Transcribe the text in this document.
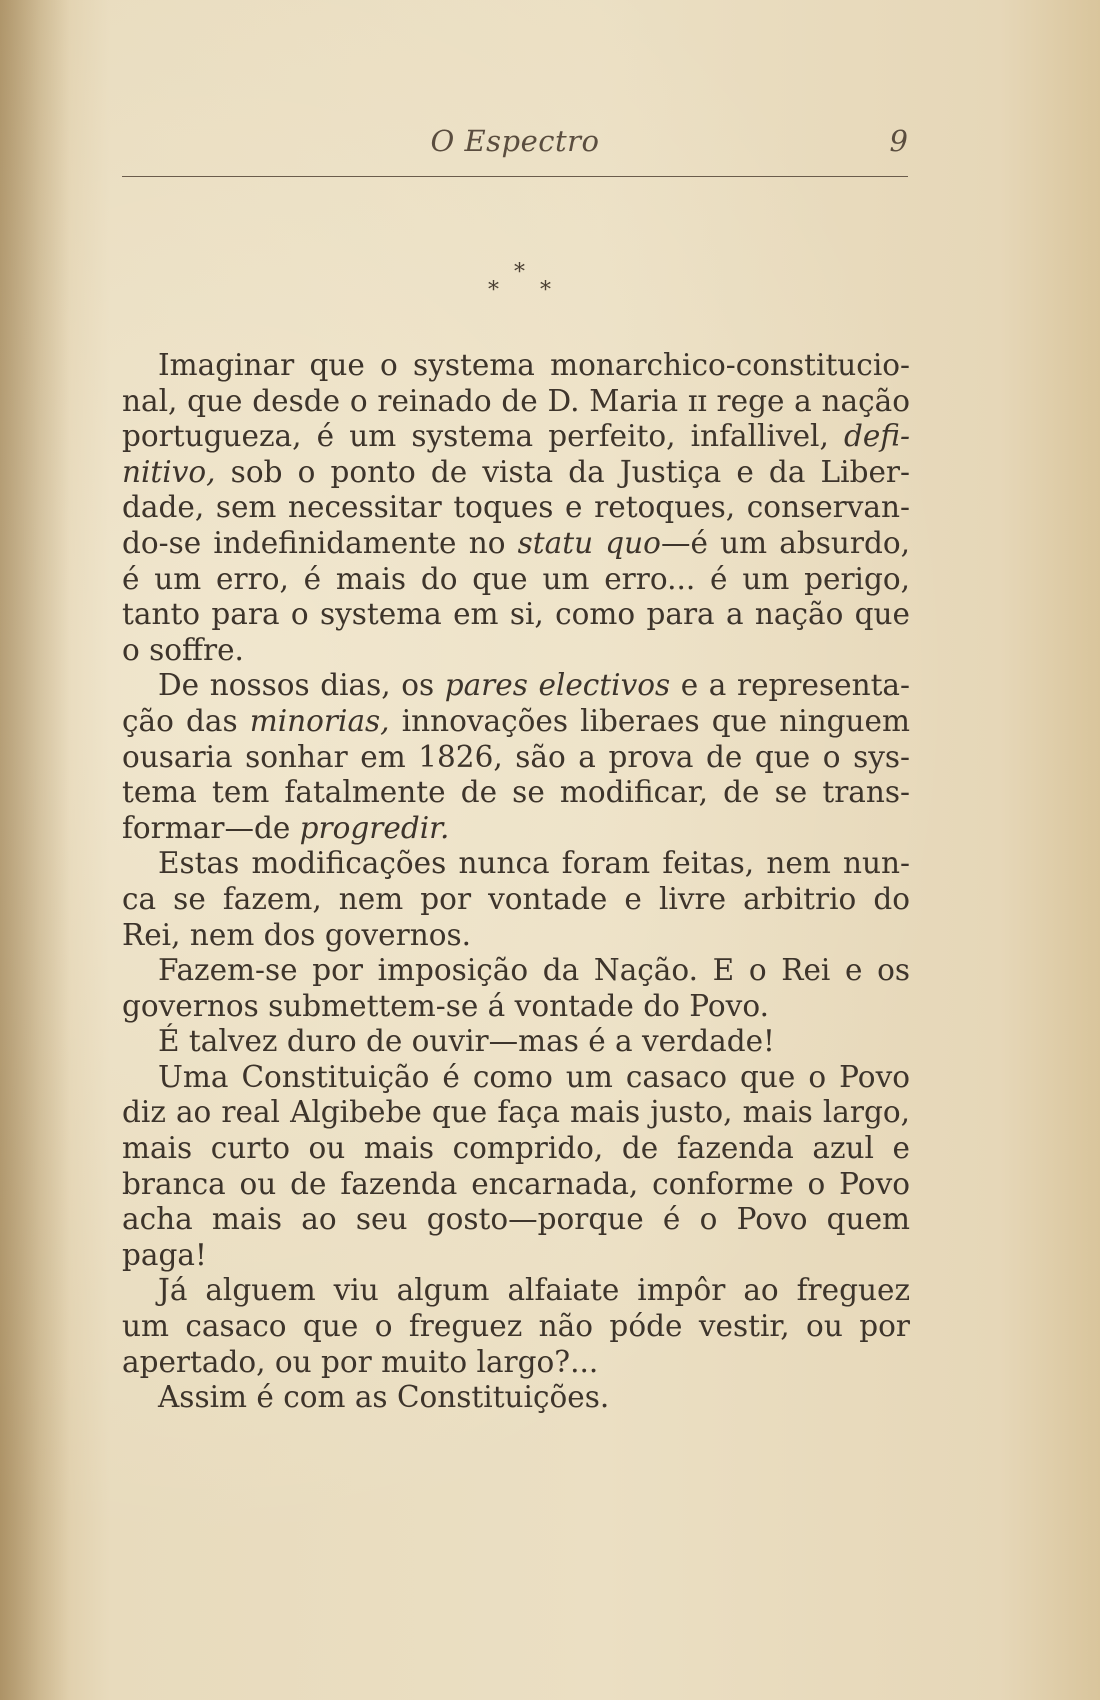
O Espectro	9
*
* *
Imaginar que o systema monarchico-constitucio-
nal, que desde o reinado de D. Maria ɪɪ rege a nação
portugueza, é um systema perfeito, infallivel, defi-
nitivo, sob o ponto de vista da Justiça e da Liber-
dade, sem necessitar toques e retoques, conservan-
do-se indefinidamente no statu quo—é um absurdo,
é um erro, é mais do que um erro... é um perigo,
tanto para o systema em si, como para a nação que
o soffre.
De nossos dias, os pares electivos e a representa-
ção das minorias, innovações liberaes que ninguem
ousaria sonhar em 1826, são a prova de que o sys-
tema tem fatalmente de se modificar, de se trans-
formar—de progredir.
Estas modificações nunca foram feitas, nem nun-
ca se fazem, nem por vontade e livre arbitrio do
Rei, nem dos governos.
Fazem-se por imposição da Nação. E o Rei e os
governos submettem-se á vontade do Povo.
É talvez duro de ouvir—mas é a verdade!
Uma Constituição é como um casaco que o Povo
diz ao real Algibebe que faça mais justo, mais largo,
mais curto ou mais comprido, de fazenda azul e
branca ou de fazenda encarnada, conforme o Povo
acha mais ao seu gosto—porque é o Povo quem
paga!
Já alguem viu algum alfaiate impôr ao freguez
um casaco que o freguez não póde vestir, ou por
apertado, ou por muito largo?...
Assim é com as Constituições.
